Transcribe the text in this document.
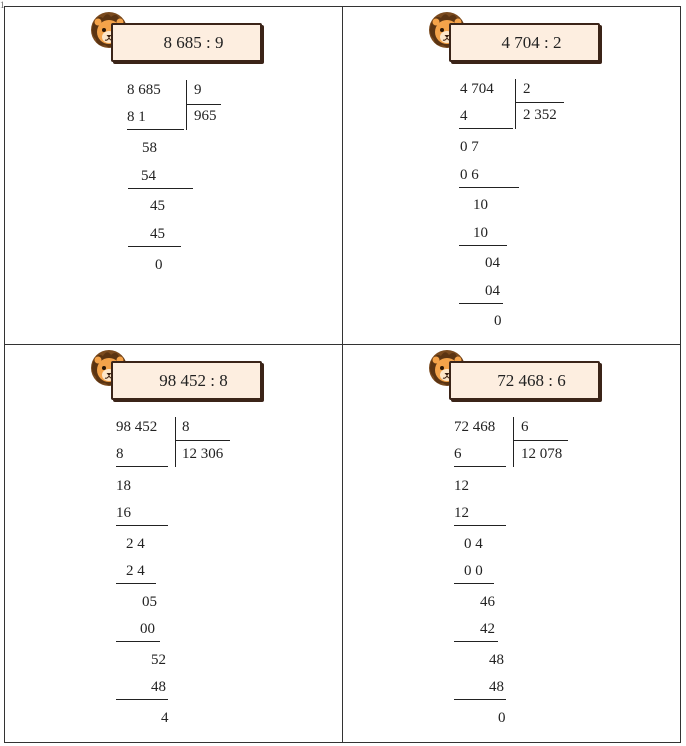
1
8 685 : 9
8 685 9
965
8 1
58
54
45
45
0
4 704 : 2
4 704 2
2 352
4
0 7
0 6
10
10
04
04
0
98 452 : 8
98 452 8
12 306
8
18
16
2 4
2 4
05
00
52
48
4
72 468 : 6
72 468 6
12 078
6
12
12
0 4
0 0
46
42
48
48
0
